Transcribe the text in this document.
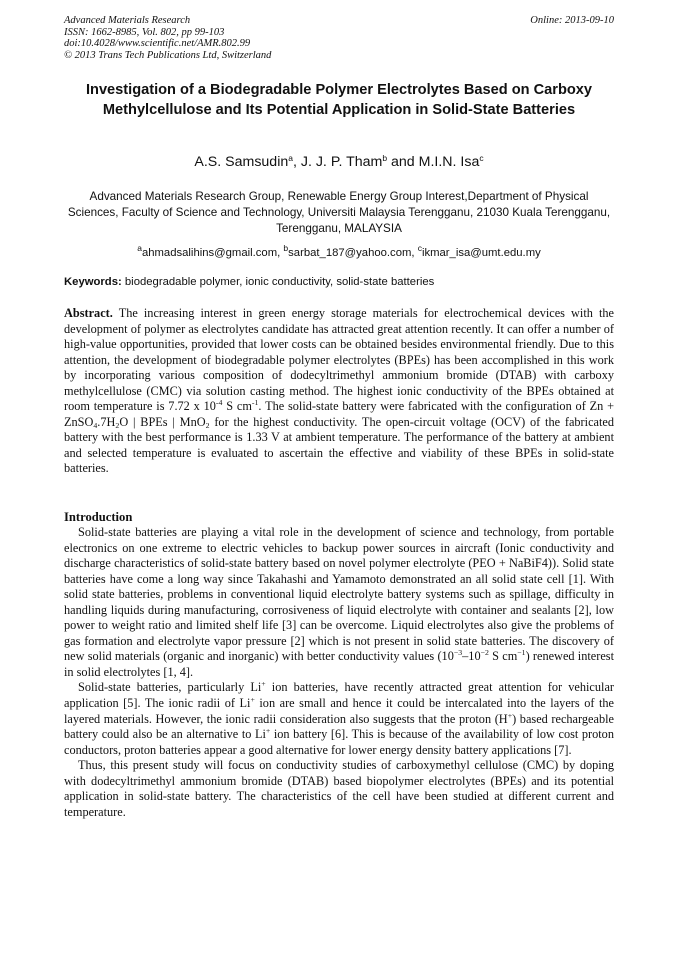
Advanced Materials Research
ISSN: 1662-8985, Vol. 802, pp 99-103
doi:10.4028/www.scientific.net/AMR.802.99
© 2013 Trans Tech Publications Ltd, Switzerland
Online: 2013-09-10
Investigation of a Biodegradable Polymer Electrolytes Based on Carboxy Methylcellulose and Its Potential Application in Solid-State Batteries
A.S. Samsudin$^a$, J. J. P. Tham$^b$ and M.I.N. Isa$^c$
Advanced Materials Research Group, Renewable Energy Group Interest,Department of Physical Sciences, Faculty of Science and Technology, Universiti Malaysia Terengganu, 21030 Kuala Terengganu, Terengganu, MALAYSIA
$^a$ahmadsalihins@gmail.com, $^b$sarbat_187@yahoo.com, $^c$ikmar_isa@umt.edu.my
Keywords: biodegradable polymer, ionic conductivity, solid-state batteries
Abstract. The increasing interest in green energy storage materials for electrochemical devices with the development of polymer as electrolytes candidate has attracted great attention recently. It can offer a number of high-value opportunities, provided that lower costs can be obtained besides environmental friendly. Due to this attention, the development of biodegradable polymer electrolytes (BPEs) has been accomplished in this work by incorporating various composition of dodecyltrimethyl ammonium bromide (DTAB) with carboxy methylcellulose (CMC) via solution casting method. The highest ionic conductivity of the BPEs obtained at room temperature is 7.72 x $10^{-4}$ S $cm^{-1}$. The solid-state battery were fabricated with the configuration of $Zn + ZnSO_4.7H_2O$ | BPEs | MnO$_2$ for the highest conductivity. The open-circuit voltage (OCV) of the fabricated battery with the best performance is 1.33 V at ambient temperature. The performance of the battery at ambient and selected temperature is evaluated to ascertain the effective and viability of these BPEs in solid-state batteries.
Introduction

Solid-state batteries are playing a vital role in the development of science and technology, from portable electronics on one extreme to electric vehicles to backup power sources in aircraft (Ionic conductivity and discharge characteristics of solid-state battery based on novel polymer electrolyte (PEO + NaBiF4)). Solid state batteries have come a long way since Takahashi and Yamamoto demonstrated an all solid state cell [1]. With solid state batteries, problems in conventional liquid electrolyte battery systems such as spillage, difficulty in handling liquids during manufacturing, corrosiveness of liquid electrolyte with container and sealants [2], low power to weight ratio and limited shelf life [3] can be overcome. Liquid electrolytes also give the problems of gas formation and electrolyte vapor pressure [2] which is not present in solid state batteries. The discovery of new solid materials (organic and inorganic) with better conductivity values ($10^{-3}-10^{-2}$ S $cm^{-1}$) renewed interest in solid electrolytes [1, 4].

Solid-state batteries, particularly Li+ ion batteries, have recently attracted great attention for vehicular application [5]. The ionic radii of Li+ ion are small and hence it could be intercalated into the layers of the layered materials. However, the ionic radii consideration also suggests that the proton (H+) based rechargeable battery could also be an alternative to Li+ ion battery [6]. This is because of the availability of low cost proton conductors, proton batteries appear a good alternative for lower energy density battery applications [7].

Thus, this present study will focus on conductivity studies of carboxymethyl cellulose (CMC) by doping with dodecyltrimethyl ammonium bromide (DTAB) based biopolymer electrolytes (BPEs) and its potential application in solid-state battery. The characteristics of the cell have been studied at different current and temperature.
